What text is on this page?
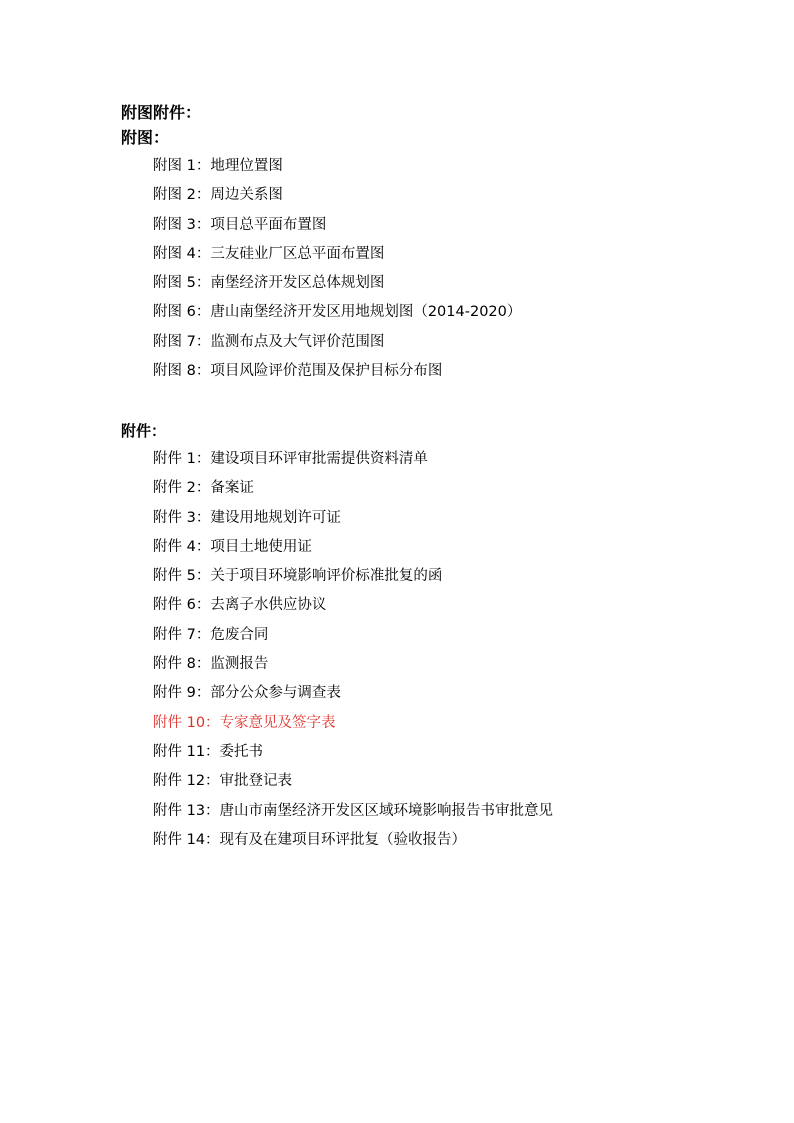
附图附件：
附图：
附图 1：地理位置图
附图 2：周边关系图
附图 3：项目总平面布置图
附图 4：三友硅业厂区总平面布置图
附图 5：南堡经济开发区总体规划图
附图 6：唐山南堡经济开发区用地规划图（2014-2020）
附图 7：监测布点及大气评价范围图
附图 8：项目风险评价范围及保护目标分布图
附件：
附件 1：建设项目环评审批需提供资料清单
附件 2：备案证
附件 3：建设用地规划许可证
附件 4：项目土地使用证
附件 5：关于项目环境影响评价标准批复的函
附件 6：去离子水供应协议
附件 7：危废合同
附件 8：监测报告
附件 9：部分公众参与调查表
附件 10：专家意见及签字表
附件 11：委托书
附件 12：审批登记表
附件 13：唐山市南堡经济开发区区域环境影响报告书审批意见
附件 14：现有及在建项目环评批复（验收报告）
